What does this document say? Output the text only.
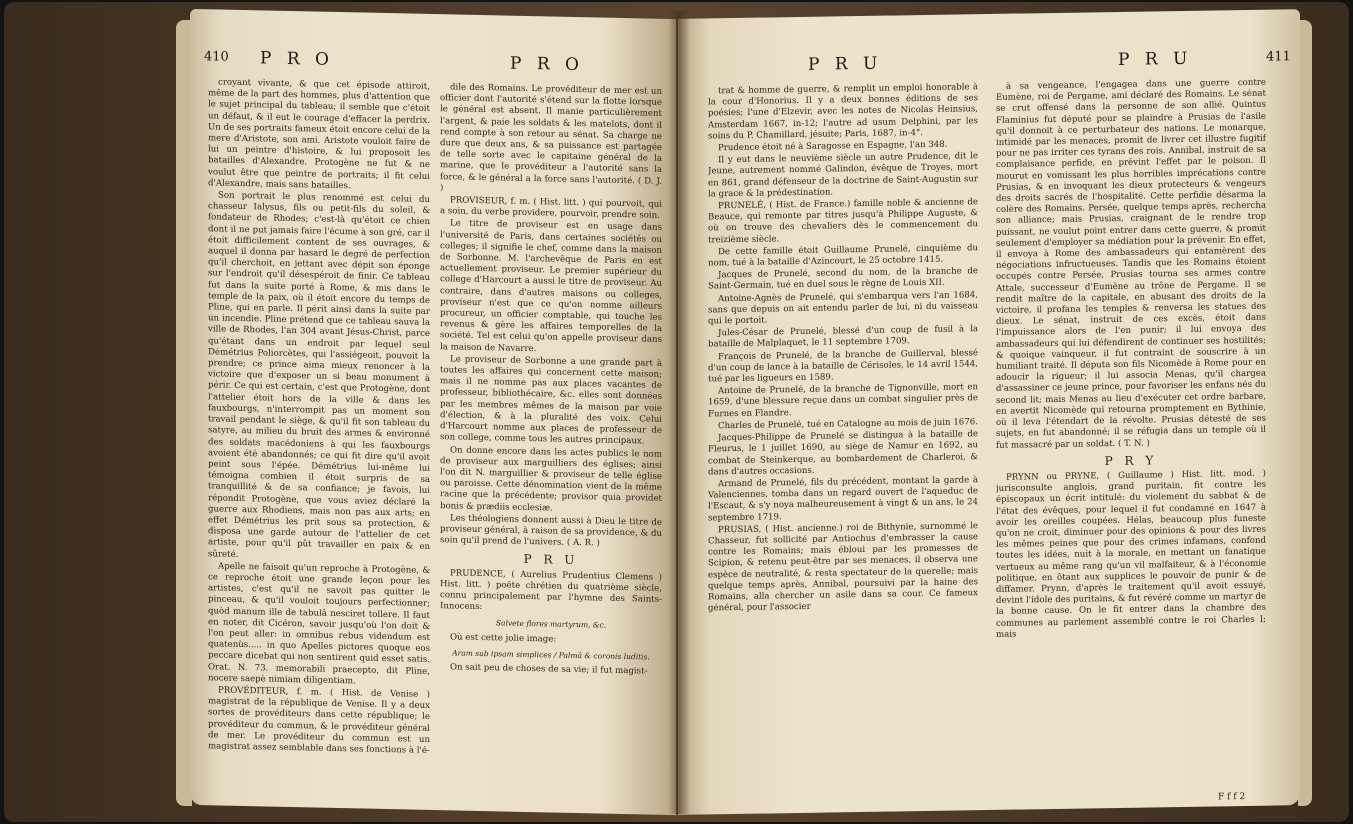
410 P R O	P R O

croyant vivante, & que cet épisode attiroit, même de la part des hommes, plus d'attention que le sujet principal du tableau; il semble que c'étoit un défaut, & il eut le courage d'effacer la perdrix. Un de ses portraits fameux étoit encore celui de la mere d'Aristote, son ami. Aristote vouloit faire de lui un peintre d'histoire, & lui proposoit les batailles d'Alexandre. Protogène ne fut & ne voulut être que peintre de portraits; il fit celui d'Alexandre, mais sans batailles.

Son portrait le plus renommé est celui du chasseur Ialysus, fils ou petit-fils du soleil, & fondateur de Rhodes; c'est-là qu'étoit ce chien dont il ne put jamais faire l'écume à son gré, car il étoit difficilement content de ses ouvrages, & auquel il donna par hasard le degré de perfection qu'il cherchoit, en jettant avec dépit son éponge sur l'endroit qu'il désespéroit de finir. Ce tableau fut dans la suite porté à Rome, & mis dans le temple de la paix, où il étoit encore du temps de Pline, qui en parle. Il périt ainsi dans la suite par un incendie. Pline prétend que ce tableau sauva la ville de Rhodes, l'an 304 avant Jésus-Christ, parce qu'étant dans un endroit par lequel seul Démétrius Poliorcètes, qui l'assiégeoit, pouvoit la prendre; ce prince aima mieux renoncer à la victoire que d'exposer un si beau monument à périr. Ce qui est certain, c'est que Protogène, dont l'attelier étoit hors de la ville & dans les fauxbourgs, n'interrompit pas un moment son travail pendant le siège, & qu'il fit son tableau du satyre, au milieu du bruit des armes & environné des soldats macédoniens à qui les fauxbourgs avoient été abandonnés; ce qui fit dire qu'il avoit peint sous l'épée. Démétrius lui-même lui témoigna combien il étoit surpris de sa tranquillité & de sa confiance; je favois, lui répondit Protogène, que vous aviez déclaré la guerre aux Rhodiens, mais non pas aux arts; en effet Démétrius les prit sous sa protection, & disposa une garde autour de l'attelier de cet artiste, pour qu'il pût travailler en paix & en sûreté.

Apelle ne faisoit qu'un reproche à Protogène, & ce reproche étoit une grande leçon pour les artistes, c'est qu'il ne savoit pas quitter le pinceau, & qu'il vouloit toujours perfectionner; quòd manum ille de tabulâ nesciret tollere. Il faut en noter, dit Cicéron, savoir jusqu'où l'on doit & l'on peut aller: in omnibus rebus videndum est quatenùs..... in quo Apelles pictores quoque eos peccare dicebat qui non sentirent quid esset satis. Orat. N. 73. memorabili praecepto, dit Pline, nocere saepè nimiam diligentiam.

PROVÉDITEUR, f. m. ( Hist. de Venise ) magistrat de la république de Venise. Il y a deux sortes de provéditeurs dans cette république; le provéditeur du commun, & le provéditeur général de mer. Le provéditeur du commun est un magistrat assez semblable dans ses fonctions à l'é-

dile des Romains. Le provéditeur de mer est un officier dont l'autorité s'étend sur la flotte lorsque le général est absent. Il manie particulièrement l'argent, & paie les soldats & les matelots, dont il rend compte à son retour au sénat. Sa charge ne dure que deux ans, & sa puissance est partagée de telle sorte avec le capitaine général de la marine, que le provéditeur a l'autorité sans la force, & le général a la force sans l'autorité. ( D. J. )

PROVISEUR, f. m. ( Hist. litt. ) qui pourvoit, qui a soin, du verbe providere, pourvoir, prendre soin.

Le titre de proviseur est en usage dans l'université de Paris, dans certaines sociétés ou colleges; il signifie le chef, comme dans la maison de Sorbonne. M. l'archevêque de Paris en est actuellement proviseur. Le premier supérieur du college d'Harcourt a aussi le titre de proviseur. Au contraire, dans d'autres maisons ou colleges, proviseur n'est que ce qu'on nomme ailleurs procureur, un officier comptable, qui touche les revenus & gère les affaires temporelles de la société. Tel est celui qu'on appelle proviseur dans la maison de Navarre.

Le proviseur de Sorbonne a une grande part à toutes les affaires qui concernent cette maison; mais il ne nomme pas aux places vacantes de professeur, bibliothécaire, &c. elles sont données par les membres mêmes de la maison par voie d'élection, & à la pluralité des voix. Celui d'Harcourt nomme aux places de professeur de son college, comme tous les autres principaux.

On donne encore dans les actes publics le nom de proviseur aux marguilliers des églises; ainsi l'on dit N. marguillier & proviseur de telle église ou paroisse. Cette dénomination vient de la même racine que la précédente; provisor quia providet bonis & prædiis ecclesiæ.

Les théologiens donnent aussi à Dieu le titre de proviseur général, à raison de sa providence, & du soin qu'il prend de l'univers. ( A. R. )

P R U

PRUDENCE, ( Aurelius Prudentius Clemens ) Hist. litt. ) poëte chrétien du quatrième siècle, connu principalement par l'hymne des Saints-Innocens:

Salvete flores martyrum, &c.

Où est cette jolie image:

Aram sub ipsam simplices / Palmâ & coronis luditis.

On sait peu de choses de sa vie; il fut magist-

P R U	P R U	411

trat & homme de guerre, & remplit un emploi honorable à la cour d'Honorius. Il y a deux bonnes éditions de ses poésies; l'une d'Elzevir, avec les notes de Nicolas Heinsius, Amsterdam 1667, in-12; l'autre ad usum Delphini, par les soins du P. Chamillard, jésuite; Paris, 1687, in-4°.

Prudence étoit né à Saragosse en Espagne, l'an 348.

Il y eut dans le neuvième siècle un autre Prudence, dit le Jeune, autrement nommé Galindon, évêque de Troyes, mort en 861, grand défenseur de la doctrine de Saint-Augustin sur la grace & la prédestination.

PRUNELÉ, ( Hist. de France.) famille noble & ancienne de Beauce, qui remonte par titres jusqu'à Philippe Auguste, & où on trouve des chevaliers dès le commencement du treizième siècle.

De cette famille étoit Guillaume Prunelé, cinquième du nom, tué à la bataille d'Azincourt, le 25 octobre 1415.

Jacques de Prunelé, second du nom, de la branche de Saint-Germain, tué en duel sous le règne de Louis XII.

Antoine-Agnès de Prunelé, qui s'embarqua vers l'an 1684, sans que depuis on ait entendu parler de lui, ni du vaisseau qui le portoit.

Jules-César de Prunelé, blessé d'un coup de fusil à la bataille de Malplaquet, le 11 septembre 1709.

François de Prunelé, de la branche de Guillerval, blessé d'un coup de lance à la bataille de Cérisoles, le 14 avril 1544, tué par les ligueurs en 1589.

Antoine de Prunelé, de la branche de Tignonville, mort en 1659, d'une blessure reçue dans un combat singulier près de Furnes en Flandre.

Charles de Prunelé, tué en Catalogne au mois de juin 1676.

Jacques-Philippe de Prunelé se distingua à la bataille de Fleurus, le 1 juillet 1690, au siège de Namur en 1692, au combat de Steinkerque, au bombardement de Charleroi, & dans d'autres occasions.

Armand de Prunelé, fils du précédent, montant la garde à Valenciennes, tomba dans un regard ouvert de l'aqueduc de l'Escaut, & s'y noya malheureusement à vingt & un ans, le 24 septembre 1719.

PRUSIAS, ( Hist. ancienne.) roi de Bithynie, surnommé le Chasseur, fut sollicité par Antiochus d'embrasser la cause contre les Romains; mais ébloui par les promesses de Scipion, & retenu peut-être par ses menaces, il observa une espèce de neutralité, & resta spectateur de la querelle; mais quelque temps après, Annibal, poursuivi par la haine des Romains, alla chercher un asile dans sa cour. Ce fameux général, pour l'associer

à sa vengeance, l'engagea dans une guerre contre Eumène, roi de Pergame, ami déclaré des Romains. Le sénat se crut offensé dans la personne de son allié. Quintus Flaminius fut député pour se plaindre à Prusias de l'asile qu'il donnoit à ce perturbateur des nations. Le monarque, intimidé par les menaces, promit de livrer cet illustre fugitif pour ne pas irriter ces tyrans des rois. Annibal, instruit de sa complaisance perfide, en prévint l'effet par le poison. Il mourut en vomissant les plus horribles imprécations contre Prusias, & en invoquant les dieux protecteurs & vengeurs des droits sacrés de l'hospitalité. Cette perfidie désarma la colère des Romains. Persée, quelque temps après, rechercha son alliance; mais Prusias, craignant de le rendre trop puissant, ne voulut point entrer dans cette guerre, & promit seulement d'employer sa médiation pour la prévenir. En effet, il envoya à Rome des ambassadeurs qui entamèrent des négociations infructueuses. Tandis que les Romains étoient occupés contre Persée, Prusias tourna ses armes contre Attale, successeur d'Eumène au trône de Pergame. Il se rendit maître de la capitale, en abusant des droits de la victoire, il profana les temples & renversa les statues des dieux. Le sénat, instruit de ces excès, étoit dans l'impuissance alors de l'en punir; il lui envoya des ambassadeurs qui lui défendirent de continuer ses hostilités; & quoique vainqueur, il fut contraint de souscrire à un humiliant traité. Il députa son fils Nicomède à Rome pour en adoucir la rigueur; il lui associa Menas, qu'il chargea d'assassiner ce jeune prince, pour favoriser les enfans nés du second lit; mais Menas au lieu d'exécuter cet ordre barbare, en avertit Nicomède qui retourna promptement en Bythinie, où il leva l'étendart de la révolte. Prusias détesté de ses sujets, en fut abandonné; il se réfugia dans un temple où il fut massacré par un soldat. ( T. N. )

P R Y

PRYNN ou PRYNE, ( Guillaume ) Hist. litt. mod. ) jurisconsulte anglois, grand puritain, fit contre les épiscopaux un écrit intitulé: du violement du sabbat & de l'état des évêques, pour lequel il fut condamné en 1647 à avoir les oreilles coupées. Hélas, beaucoup plus funeste qu'on ne croit, diminuer pour des opinions & pour des livres les mêmes peines que pour des crimes infamans, confond toutes les idées, nuit à la morale, en mettant un fanatique vertueux au même rang qu'un vil malfaiteur, & à l'économie politique, en ôtant aux supplices le pouvoir de punir & de diffamer. Prynn, d'après le traitement qu'il avoit essuyé, devint l'idole des puritains, & fut révéré comme un martyr de la bonne cause. On le fit entrer dans la chambre des communes au parlement assemblé contre le roi Charles I; mais

F f f 2
